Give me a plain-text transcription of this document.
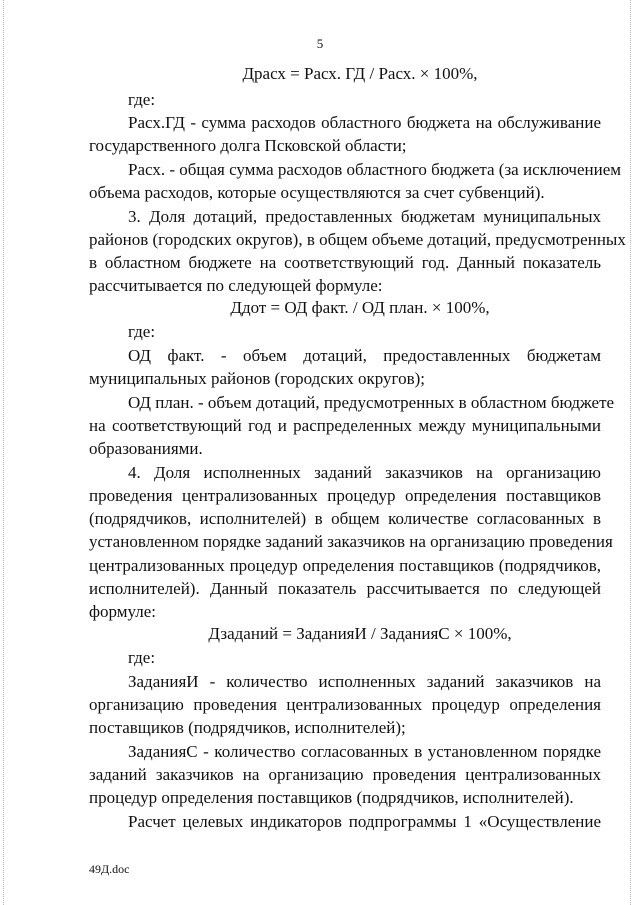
5
Драсх = Расх. ГД / Расх. × 100%,
где:
Расх.ГД - сумма расходов областного бюджета на обслуживание
государственного долга Псковской области;
Расх. - общая сумма расходов областного бюджета (за исключением
объема расходов, которые осуществляются за счет субвенций).
3. Доля дотаций, предоставленных бюджетам муниципальных
районов (городских округов), в общем объеме дотаций, предусмотренных
в областном бюджете на соответствующий год. Данный показатель
рассчитывается по следующей формуле:
Ддот = ОД факт. / ОД план. × 100%,
где:
ОД факт. - объем дотаций, предоставленных бюджетам
муниципальных районов (городских округов);
ОД план. - объем дотаций, предусмотренных в областном бюджете
на соответствующий год и распределенных между муниципальными
образованиями.
4. Доля исполненных заданий заказчиков на организацию
проведения централизованных процедур определения поставщиков
(подрядчиков, исполнителей) в общем количестве согласованных в
установленном порядке заданий заказчиков на организацию проведения
централизованных процедур определения поставщиков (подрядчиков,
исполнителей). Данный показатель рассчитывается по следующей
формуле:
Дзаданий = ЗаданияИ / ЗаданияС × 100%,
где:
ЗаданияИ - количество исполненных заданий заказчиков на
организацию проведения централизованных процедур определения
поставщиков (подрядчиков, исполнителей);
ЗаданияС - количество согласованных в установленном порядке
заданий заказчиков на организацию проведения централизованных
процедур определения поставщиков (подрядчиков, исполнителей).
Расчет целевых индикаторов подпрограммы 1 «Осуществление
49Д.doc
